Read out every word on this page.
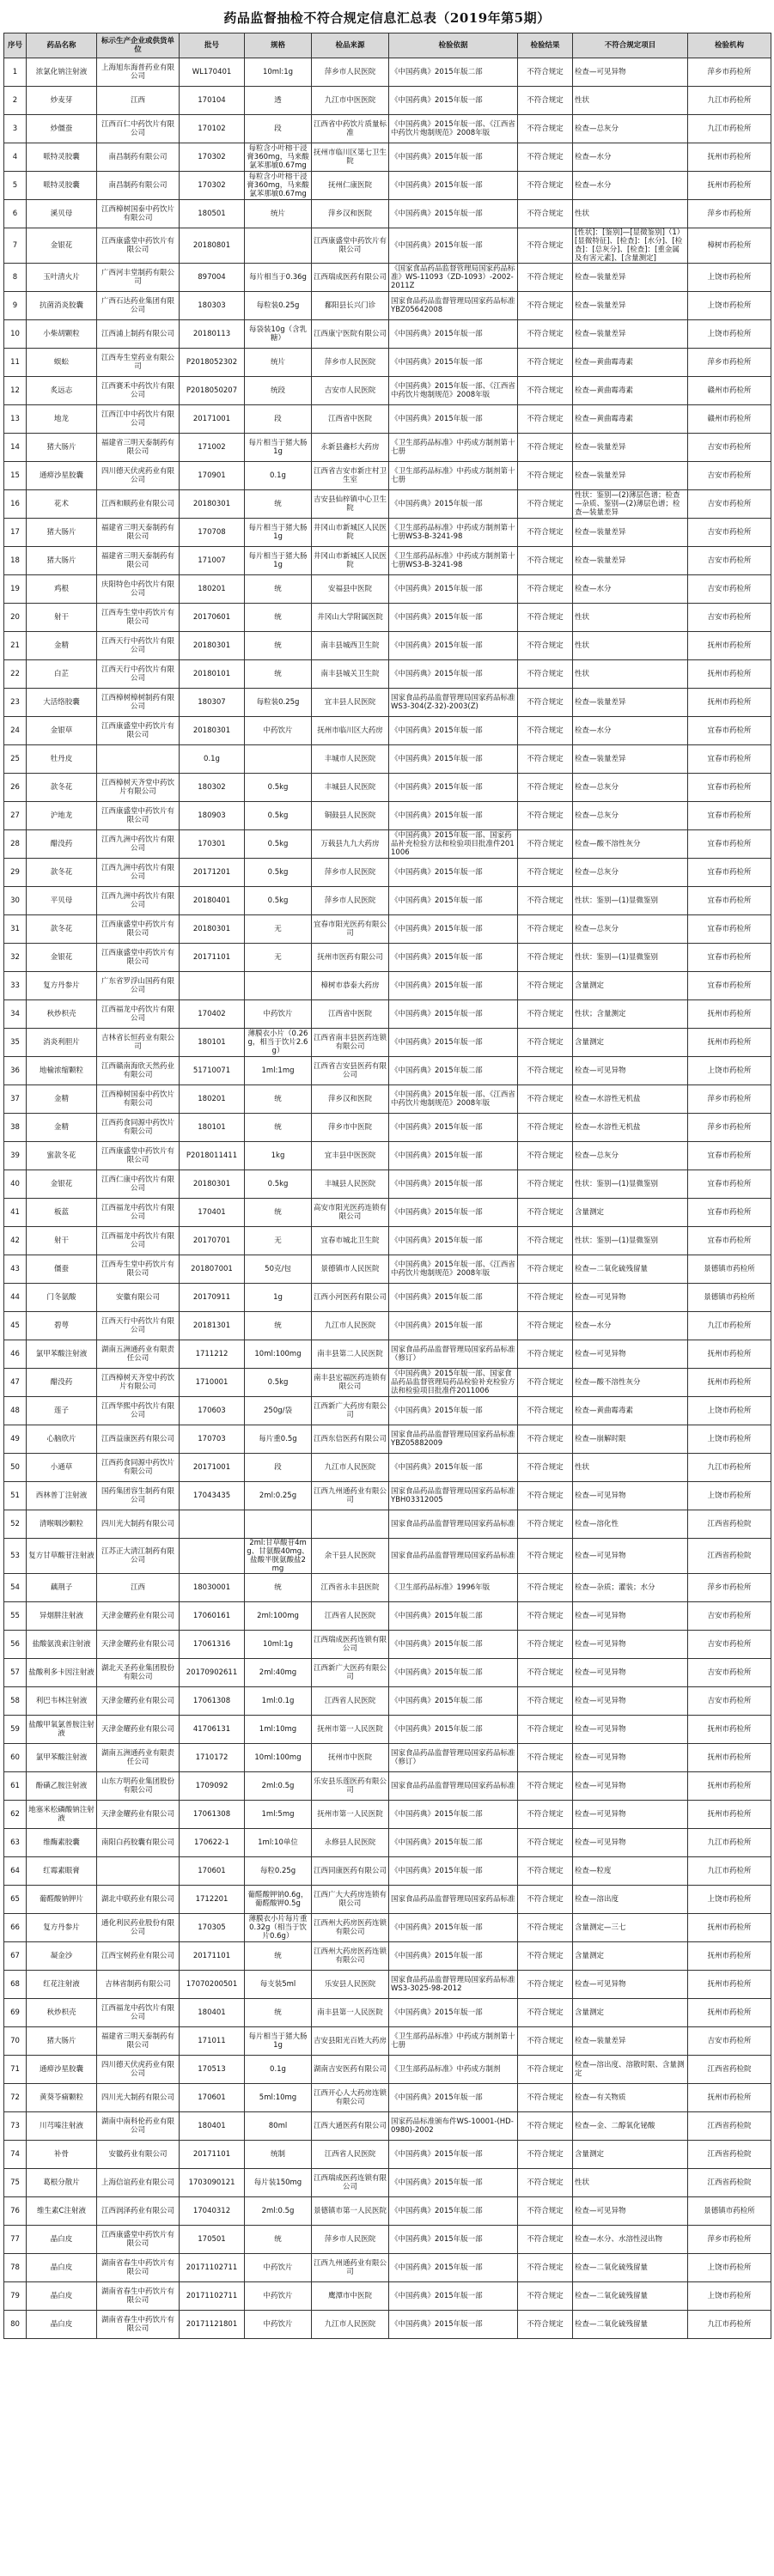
药品监督抽检不符合规定信息汇总表（2019年第5期）
序号	药品名称	标示生产企业或供货单位	批号	规格	检品来源	检验依据	检验结果	不符合规定项目	检验机构
1	浓氯化钠注射液	上海旭东海普药业有限公司	WL170401	10ml:1g	萍乡市人民医院	《中国药典》2015年版二部	不符合规定	检查—可见异物	萍乡市药检所
2	炒麦芽	江西	170104	透	九江市中医医院	《中国药典》2015年版一部	不符合规定	性状	九江市药检所
3	炒僵蚕	江西百仁中药饮片有限公司	170102	段	江西省中药饮片质量标准	《中国药典》2015年版一部、《江西省中药饮片炮制规范》2008年版	不符合规定	检查—总灰分	九江市药检所
4	哌特灵胶囊	南昌制药有限公司	170302	每粒含小叶榕干浸膏360mg，马来酸氯苯那敏0.67mg	抚州市临川区第七卫生院	《中国药典》2015年版一部	不符合规定	检查—水分	抚州市药检所
5	哌特灵胶囊	南昌制药有限公司	170302	每粒含小叶榕干浸膏360mg，马来酸氯苯那敏0.67mg	抚州仁康医院	《中国药典》2015年版一部	不符合规定	检查—水分	抚州市药检所
6	溪贝母	江西樟树国泰中药饮片有限公司	180501	统片	萍乡汉和医院	《中国药典》2015年版一部	不符合规定	性状	萍乡市药检所
7	金银花	江西康盛堂中药饮片有限公司	20180801		江西康盛堂中药饮片有限公司	《中国药典》2015年版一部	不符合规定	[性状]：[鉴别]—[显微鉴别]（1）[显微特征]、[检查]：[水分]、[检查]：[总灰分]、[检查]：[重金属及有害元素]、[含量测定]	樟树市药检所
8	玉叶清火片	广西河丰堂制药有限公司	897004	每片相当于0.36g	江西瑞成医药有限公司	《国家食品药品监督管理局国家药品标准》WS-11093（ZD-1093）-2002-2011Z	不符合规定	检查—装量差异	上饶市药检所
9	抗菌消炎胶囊	广西石达药业集团有限公司	180303	每粒装0.25g	鄱阳县长兴门诊	国家食品药品监督管理局国家药品标准YBZ05642008	不符合规定	检查—装量差异	上饶市药检所
10	小柴胡颗粒	江西浦上制药有限公司	20180113	每袋装10g（含乳糖）	江西康宁医院有限公司	《中国药典》2015年版一部	不符合规定	检查—装量差异	上饶市药检所
11	蜈蚣	江西寿生堂药业有限公司	P2018052302	统片	萍乡市人民医院	《中国药典》2015年版一部	不符合规定	检查—黄曲霉毒素	萍乡市药检所
12	炙远志	江西赛禾中药饮片有限公司	P2018050207	统段	吉安市人民医院	《中国药典》2015年版一部、《江西省中药饮片炮制规范》2008年版	不符合规定	检查—黄曲霉毒素	赣州市药检所
13	地龙	江西江中中药饮片有限公司	20171001	段	江西省中医院	《中国药典》2015年版一部	不符合规定	检查—黄曲霉毒素	赣州市药检所
14	猪大肠片	福建省三明天泰制药有限公司	171002	每片相当于猪大肠1g	永新县鑫杉大药房	《卫生部药品标准》中药成方制剂第十七册	不符合规定	检查—装量差异	吉安市药检所
15	通痹沙星胶囊	四川德天伏虎药业有限公司	170901	0.1g	江西省吉安市新庄村卫生室	《卫生部药品标准》中药成方制剂第十七册	不符合规定	检查—装量差异	吉安市药检所
16	花术	江西和顺药业有限公司	20180301	统	吉安县仙梓镇中心卫生院	《中国药典》2015年版一部	不符合规定	性状：鉴别—(2)薄层色谱；检查—杂质、鉴别—(2)薄层色谱；检查—装量差异	吉安市药检所
17	猪大肠片	福建省三明天泰制药有限公司	170708	每片相当于猪大肠1g	井冈山市新城区人民医院	《卫生部药品标准》中药成方制剂第十七册WS3-B-3241-98	不符合规定	检查—装量差异	吉安市药检所
18	猪大肠片	福建省三明天泰制药有限公司	171007	每片相当于猪大肠1g	井冈山市新城区人民医院	《卫生部药品标准》中药成方制剂第十七册WS3-B-3241-98	不符合规定	检查—装量差异	吉安市药检所
19	鸡根	庆阳特色中药饮片有限公司	180201	统	安福县中医院	《中国药典》2015年版一部	不符合规定	检查—水分	吉安市药检所
20	射干	江西寿生堂中药饮片有限公司	20170601	统	井冈山大学附属医院	《中国药典》2015年版一部	不符合规定	性状	吉安市药检所
21	金精	江西天行中药饮片有限公司	20180301	统	南丰县城西卫生院	《中国药典》2015年版一部	不符合规定	性状	抚州市药检所
22	白芷	江西天行中药饮片有限公司	20180101	统	南丰县城关卫生院	《中国药典》2015年版一部	不符合规定	性状	抚州市药检所
23	大活络胶囊	江西樟树樟树制药有限公司	180307	每粒装0.25g	宜丰县人民医院	国家食品药品监督管理局国家药品标准WS3-304(Z-32)-2003(Z)	不符合规定	检查—装量差异	抚州市药检所
24	金银草	江西康盛堂中药饮片有限公司	20180301	中药饮片	抚州市临川区大药房	《中国药典》2015年版一部	不符合规定	检查—水分	宜春市药检所
25	牡丹皮		0.1g		丰城市人民医院	《中国药典》2015年版一部	不符合规定	检查—装量差异	宜春市药检所
26	款冬花	江西樟树天齐堂中药饮片有限公司	180302	0.5kg	丰城县人民医院	《中国药典》2015年版一部	不符合规定	检查—总灰分	宜春市药检所
27	沪地龙	江西康盛堂中药饮片有限公司	180903	0.5kg	铜鼓县人民医院	《中国药典》2015年版一部	不符合规定	检查—总灰分	宜春市药检所
28	醋没药	江西九洲中药饮片有限公司	170301	0.5kg	万载县九九大药房	《中国药典》2015年版一部、国家药品补充检验方法和检验项目批准件2011006	不符合规定	检查—酸不溶性灰分	宜春市药检所
29	款冬花	江西九洲中药饮片有限公司	20171201	0.5kg	萍乡市人民医院	《中国药典》2015年版一部	不符合规定	检查—总灰分	宜春市药检所
30	平贝母	江西九洲中药饮片有限公司	20180401	0.5kg	萍乡市人民医院	《中国药典》2015年版一部	不符合规定	性状：鉴别—(1)显微鉴别	宜春市药检所
31	款冬花	江西康盛堂中药饮片有限公司	20180301	无	宜春市阳光医药有限公司	《中国药典》2015年版一部	不符合规定	检查—总灰分	宜春市药检所
32	金银花	江西康盛堂中药饮片有限公司	20171101	无	抚州市医药有限公司	《中国药典》2015年版一部	不符合规定	性状：鉴别—(1)显微鉴别	宜春市药检所
33	复方丹参片	广东省罗浮山国药有限公司			樟树市恭泰大药房	《中国药典》2015年版一部	不符合规定	含量测定	宜春市药检所
34	秋炒枳壳	江西福龙中药饮片有限公司	170402	中药饮片	江西省中医院	《中国药典》2015年版一部	不符合规定	性状；含量测定	抚州市药检所
35	消炎利胆片	吉林省长恒药业有限公司	180101	薄膜衣小片（0.26g，相当于饮片2.6g）	江西省南丰县医药连锁有限公司	《中国药典》2015年版一部	不符合规定	含量测定	抚州市药检所
36	地榆浓缩颗粒	江西赣南海欣天然药业有限公司	51710071	1ml:1mg	江西省吉安县医药有限公司	《中国药典》2015年版二部	不符合规定	检查—可见异物	上饶市药检所
37	金精	江西樟树国泰中药饮片有限公司	180201	统	萍乡汉和医院	《中国药典》2015年版一部、《江西省中药饮片炮制规范》2008年版	不符合规定	检查—水溶性无机盐	萍乡市药检所
38	金精	江西药食同源中药饮片有限公司	180101	统	萍乡市中医院	《中国药典》2015年版一部	不符合规定	检查—水溶性无机盐	萍乡市药检所
39	蜜款冬花	江西康盛堂中药饮片有限公司	P2018011411	1kg	宜丰县中医医院	《中国药典》2015年版一部	不符合规定	检查—总灰分	宜春市药检所
40	金银花	江西仁康中药饮片有限公司	20180301	0.5kg	丰城县人民医院	《中国药典》2015年版一部	不符合规定	性状：鉴别—(1)显微鉴别	宜春市药检所
41	板蓝	江西福龙中药饮片有限公司	170401	统	高安市阳光医药连锁有限公司	《中国药典》2015年版一部	不符合规定	含量测定	宜春市药检所
42	射干	江西福龙中药饮片有限公司	20170701	无	宜春市城北卫生院	《中国药典》2015年版一部	不符合规定	性状：鉴别—(1)显微鉴别	宜春市药检所
43	僵蚕	江西寿生堂中药饮片有限公司	201807001	50克/包	景德镇市人民医院	《中国药典》2015年版一部、《江西省中药饮片炮制规范》2008年版	不符合规定	检查—二氧化硫残留量	景德镇市药检所
44	门冬氨酸	安徽有限公司	20170911	1g	江西小河医药有限公司	《中国药典》2015年版二部	不符合规定	检查—可见异物	景德镇市药检所
45	碧萼	江西天行中药饮片有限公司	20181301	统	九江市人民医院	《中国药典》2015年版一部	不符合规定	检查—水分	九江市药检所
46	氯甲苯酸注射液	湖南五洲通药业有限责任公司	1711212	10ml:100mg	南丰县第二人民医院	国家食品药品监督管理局国家药品标准（修订）	不符合规定	检查—可见异物	抚州市药检所
47	醋没药	江西樟树天齐堂中药饮片有限公司	1710001	0.5kg	南丰县宏福医药连锁有限公司	《中国药典》2015年版一部、国家食品药品监督管理局药品检验补充检验方法和检验项目批准件2011006	不符合规定	检查—酸不溶性灰分	抚州市药检所
48	莲子	江西华熙中药饮片有限公司	170603	250g/袋	江西新广大药房有限公司	《中国药典》2015年版一部	不符合规定	检查—黄曲霉毒素	上饶市药检所
49	心脑欣片	江西益康医药有限公司	170703	每片重0.5g	江西东信医药有限公司	国家食品药品监督管理局国家药品标准YBZ05882009	不符合规定	检查—崩解时限	上饶市药检所
50	小通草	江西药食同源中药饮片有限公司	20171001	段	九江市人民医院	《中国药典》2015年版一部	不符合规定	性状	九江市药检所
51	西林普丁注射液	国药集团容生制药有限公司	17043435	2ml:0.25g	江西九州通药业有限公司	国家食品药品监督管理局国家药品标准YBH03312005	不符合规定	检查—可见异物	上饶市药检所
52	清喉咽沙颗粒	四川光大制药有限公司				国家食品药品监督管理局国家药品标准	不符合规定	检查—溶化性	江西省药检院
53	复方甘草酸苷注射液	江苏正大清江制药有限公司		2ml:甘草酸苷4mg、甘氨酸40mg、盐酸半胱氨酸盐2mg	余干县人民医院	国家食品药品监督管理局国家药品标准	不符合规定	检查—可见异物	江西省药检院
54	藕荆子	江西	18030001	统	江西省永丰县医院	《卫生部药品标准》1996年版	不符合规定	检查—杂质；灌装；水分	萍乡市药检所
55	异烟肼注射液	天津金耀药业有限公司	17060161	2ml:100mg	江西省人民医院	《中国药典》2015年版二部	不符合规定	检查—可见异物	吉安市药检所
56	盐酸氨溴索注射液	天津金耀药业有限公司	17061316	10ml:1g	江西瑞成医药连锁有限公司	《中国药典》2015年版二部	不符合规定	检查—可见异物	吉安市药检所
57	盐酸利多卡因注射液	湖北天圣药业集团股份有限公司	20170902611	2ml:40mg	江西新广大医药有限公司	《中国药典》2015年版二部	不符合规定	检查—可见异物	吉安市药检所
58	利巴韦林注射液	天津金耀药业有限公司	17061308	1ml:0.1g	江西省人民医院	《中国药典》2015年版二部	不符合规定	检查—可见异物	吉安市药检所
59	盐酸甲氧氯普胺注射液	天津金耀药业有限公司	41706131	1ml:10mg	抚州市第一人民医院	《中国药典》2015年版二部	不符合规定	检查—可见异物	抚州市药检所
60	氯甲苯酸注射液	湖南五洲通药业有限责任公司	1710172	10ml:100mg	抚州市中医院	国家食品药品监督管理局国家药品标准（修订）	不符合规定	检查—可见异物	抚州市药检所
61	酚磺乙胺注射液	山东方明药业集团股份有限公司	1709092	2ml:0.5g	乐安县乐莲医药有限公司	国家食品药品监督管理局国家药品标准	不符合规定	检查—可见异物	抚州市药检所
62	地塞米松磷酸钠注射液	天津金耀药业有限公司	17061308	1ml:5mg	抚州市第一人民医院	《中国药典》2015年版二部	不符合规定	检查—可见异物	抚州市药检所
63	维酶素胶囊	南阳白药胶囊有限公司	170622-1	1ml:10单位	永修县人民医院	《中国药典》2015年版二部	不符合规定	检查—可见异物	九江市药检所
64	红霉素眼膏		170601	每粒0.25g	江西同康医药有限公司	《中国药典》2015年版一部	不符合规定	检查—粒度	九江市药检所
65	葡醛酸钠钾片	湖北中联药业有限公司	1712201	葡醛酸钾钠0.6g，葡醛酸钾0.5g	江西广大大药房连锁有限公司	国家食品药品监督管理局国家药品标准	不符合规定	检查—溶出度	上饶市药检所
66	复方丹参片	通化利民药业股份有限公司	170305	薄膜衣小片每片重0.32g（相当于饮片0.6g）	江西州大药房医药连锁有限公司	《中国药典》2015年版一部	不符合规定	含量测定—三七	抚州市药检所
67	凝金沙	江西宝树药业有限公司	20171101	统	江西州大药房医药连锁有限公司	《中国药典》2015年版一部	不符合规定	含量测定	抚州市药检所
68	红花注射液	吉林省制药有限公司	17070200501	每支装5ml	乐安县人民医院	国家食品药品监督管理局国家药品标准WS3-3025-98-2012	不符合规定	检查—可见异物	抚州市药检所
69	秋炒枳壳	江西福龙中药饮片有限公司	180401	统	南丰县第一人民医院	《中国药典》2015年版一部	不符合规定	含量测定	抚州市药检所
70	猪大肠片	福建省三明天泰制药有限公司	171011	每片相当于猪大肠1g	吉安县阳光百姓大药房	《卫生部药品标准》中药成方制剂第十七册	不符合规定	检查—装量差异	吉安市药检所
71	通痹沙星胶囊	四川德天伏虎药业有限公司	170513	0.1g	湖南吉安医药有限公司	《卫生部药品标准》中药成方制剂	不符合规定	检查—溶出度、溶散时限、含量测定	江西省药检院
72	黄葵苓痛颗粒	四川光大制药有限公司	170601	5ml:10mg	江西开心人大药房连锁有限公司	《中国药典》2015年版一部	不符合规定	检查—有关物质	抚州市药检所
73	川芎嗪注射液	湖南中南科伦药业有限公司	180401	80ml	江西大通医药有限公司	国家药品标准颁布件WS-10001-(HD-0980)-2002	不符合规定	检查—金、二醇氧化铋酸	江西省药检院
74	补骨	安徽药业有限公司	20171101	统制	江西省人民医院	《中国药典》2015年版一部	不符合规定	含量测定	江西省药检院
75	葛根分散片	上海信谊药业有限公司	1703090121	每片装150mg	江西瑞成医药连锁有限公司	《中国药典》2015年版一部	不符合规定	性状	江西省药检院
76	维生素C注射液	江西润泽药业有限公司	17040312	2ml:0.5g	景德镇市第一人民医院	《中国药典》2015年版二部	不符合规定	检查—可见异物	景德镇市药检所
77	晶白皮	江西康盛堂中药饮片有限公司	170501	统	萍乡市人民医院	《中国药典》2015年版一部	不符合规定	检查—水分、水溶性浸出物	萍乡市药检所
78	晶白皮	湖南省春生中药饮片有限公司	20171102711	中药饮片	江西九州通药业有限公司	《中国药典》2015年版一部	不符合规定	检查—二氧化硫残留量	上饶市药检所
79	晶白皮	湖南省春生中药饮片有限公司	20171102711	中药饮片	鹰潭市中医院	《中国药典》2015年版一部	不符合规定	检查—二氧化硫残留量	上饶市药检所
80	晶白皮	湖南省春生中药饮片有限公司	20171121801	中药饮片	九江市人民医院	《中国药典》2015年版一部	不符合规定	检查—二氧化硫残留量	九江市药检所
